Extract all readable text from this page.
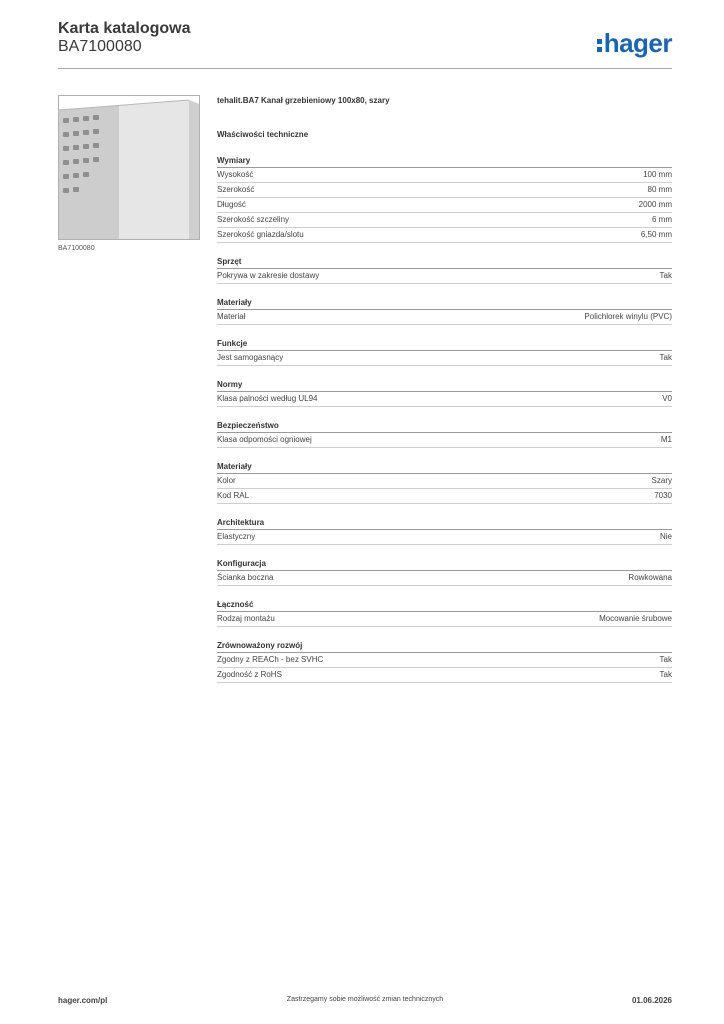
Karta katalogowa
BA7100080	hager
BA7100080
tehalit.BA7 Kanał grzebieniowy 100x80, szary
Właściwości techniczne
Wymiary
Wysokość	100 mm
Szerokość	80 mm
Długość	2000 mm
Szerokość szczeliny	6 mm
Szerokość gniazda/slotu	6,50 mm
Sprzęt
Pokrywa w zakresie dostawy	Tak
Materiały
Materiał	Polichlorek winylu (PVC)
Funkcje
Jest samogasnący	Tak
Normy
Klasa palności według UL94	V0
Bezpieczeństwo
Klasa odpomości ogniowej	M1
Materiały
Kolor	Szary
Kod RAL	7030
Architektura
Elastyczny	Nie
Konfiguracja
Ścianka boczna	Rowkowana
Łączność
Rodzaj montażu	Mocowanie śrubowe
Zrównoważony rozwój
Zgodny z REACh - bez SVHC	Tak
Zgodność z RoHS	Tak
hager.com/pl	Zastrzegamy sobie możliwość zmian technicznych	01.06.2026
